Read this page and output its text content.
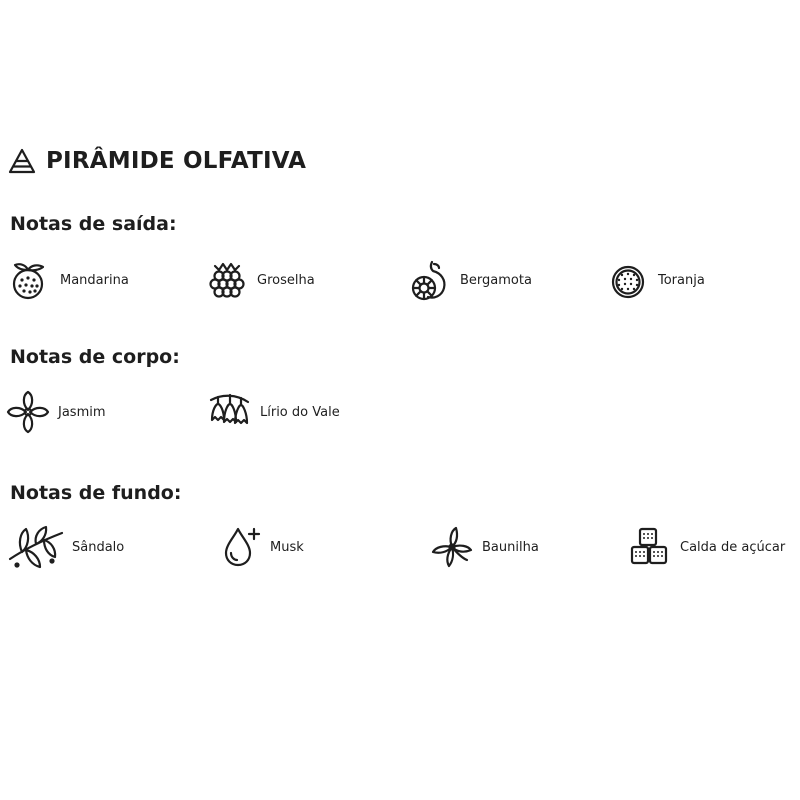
PIRÂMIDE OLFATIVA
Notas de saída:
Mandarina	Groselha	Bergamota	Toranja
Notas de corpo:
Jasmim	Lírio do Vale
Notas de fundo:
Sândalo	Musk	Baunilha	Calda de açúcar
